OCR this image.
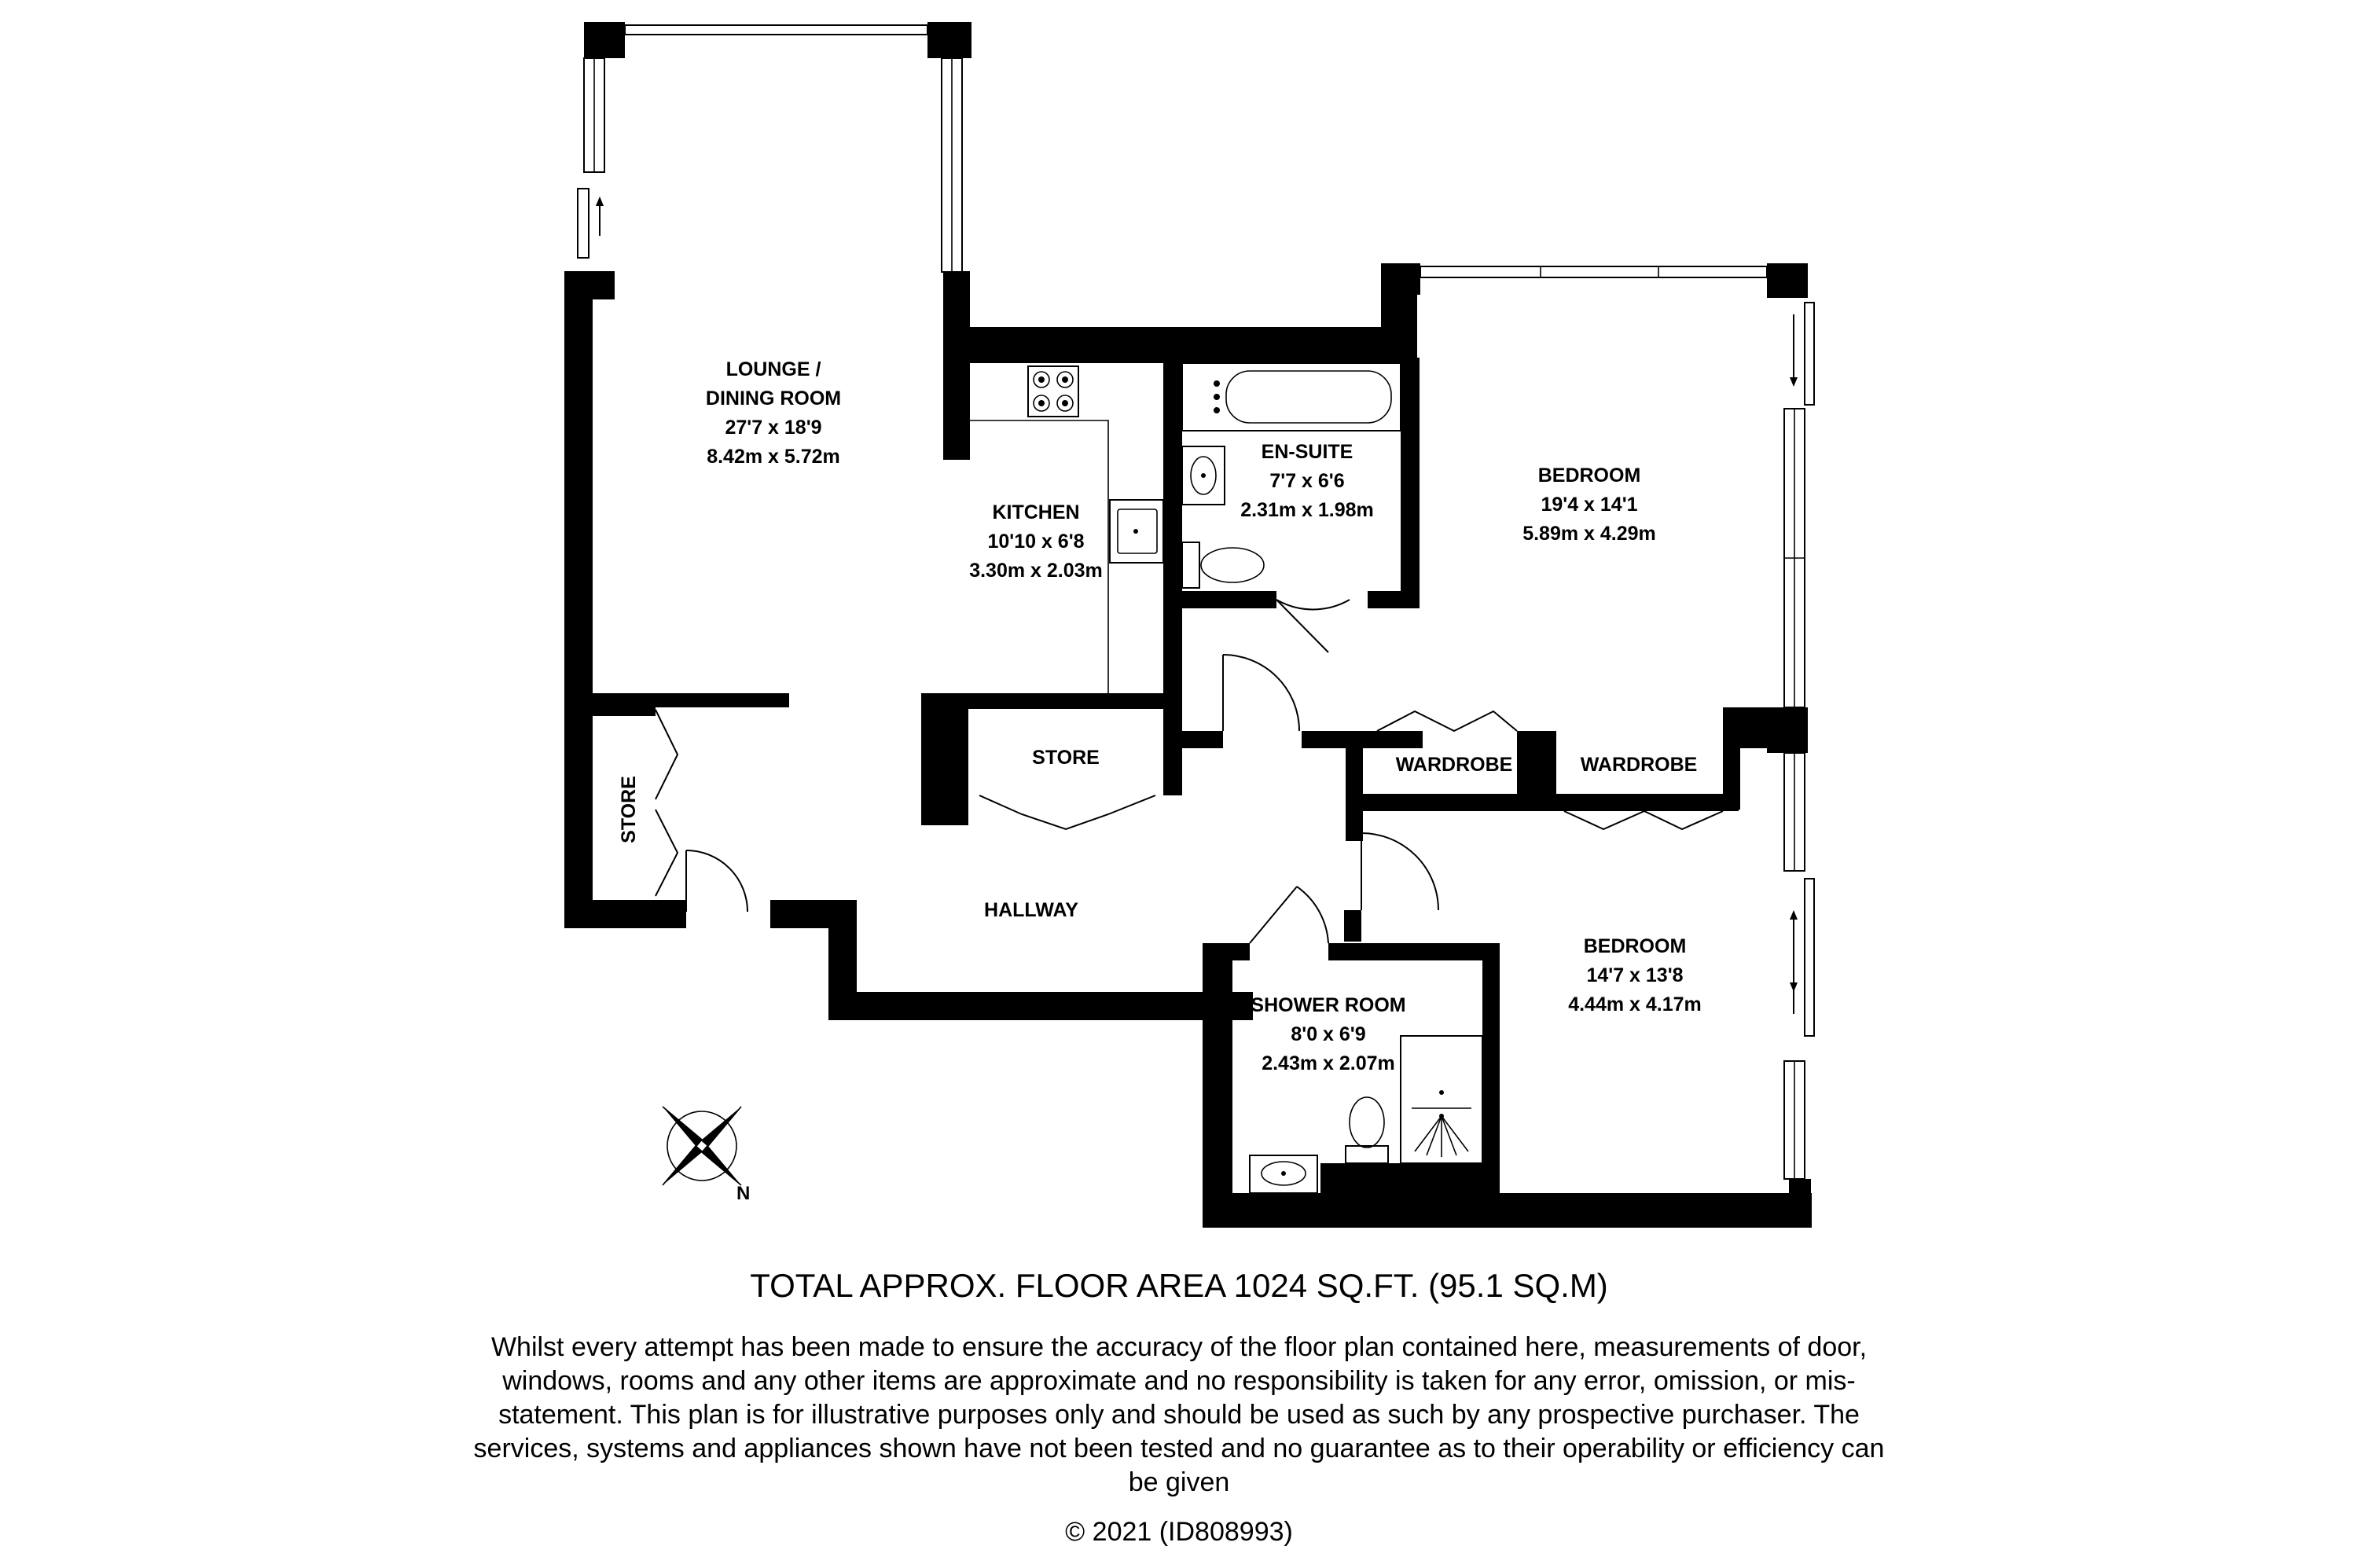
LOUNGE /
DINING ROOM
27'7 x 18'9
8.42m x 5.72m
KITCHEN
10'10 x 6'8
3.30m x 2.03m
EN-SUITE
7'7 x 6'6
2.31m x 1.98m
BEDROOM
19'4 x 14'1
5.89m x 4.29m
BEDROOM
14'7 x 13'8
4.44m x 4.17m
SHOWER ROOM
8'0 x 6'9
2.43m x 2.07m
STORE
STORE	WARDROBE	WARDROBE
HALLWAY
N
TOTAL APPROX. FLOOR AREA 1024 SQ.FT. (95.1 SQ.M)
Whilst every attempt has been made to ensure the accuracy of the floor plan contained here, measurements of door, windows, rooms and any other items are approximate and no responsibility is taken for any error, omission, or mis-statement. This plan is for illustrative purposes only and should be used as such by any prospective purchaser. The services, systems and appliances shown have not been tested and no guarantee as to their operability or efficiency can be given
© 2021 (ID808993)
